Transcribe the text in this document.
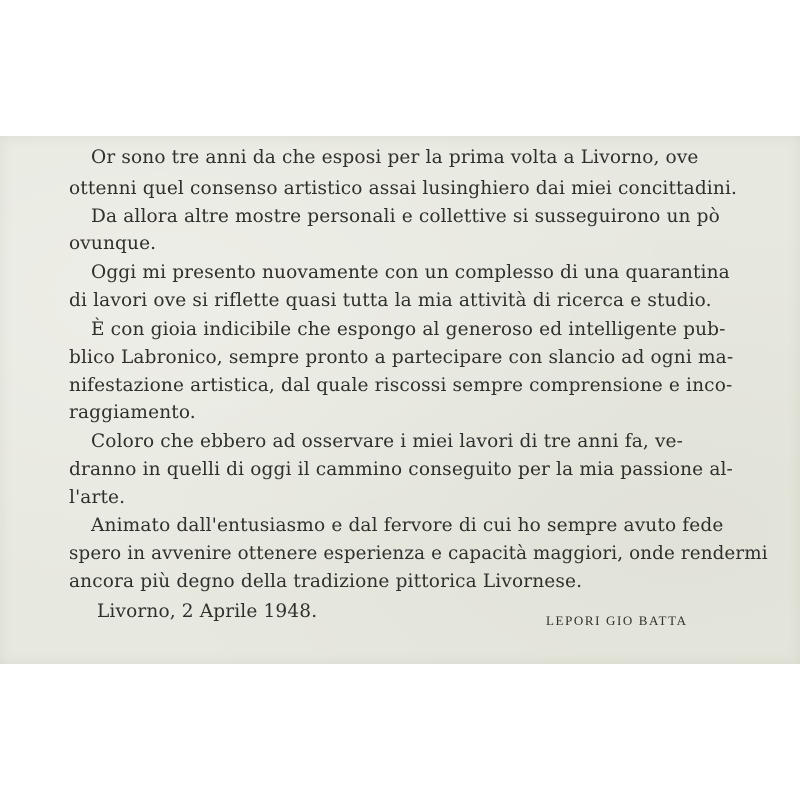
Or sono tre anni da che esposi per la prima volta a Livorno, ove
ottenni quel consenso artistico assai lusinghiero dai miei concittadini.
Da allora altre mostre personali e collettive si susseguirono un pò
ovunque.
Oggi mi presento nuovamente con un complesso di una quarantina
di lavori ove si riflette quasi tutta la mia attività di ricerca e studio.
È con gioia indicibile che espongo al generoso ed intelligente pub-
blico Labronico, sempre pronto a partecipare con slancio ad ogni ma-
nifestazione artistica, dal quale riscossi sempre comprensione e inco-
raggiamento.
Coloro che ebbero ad osservare i miei lavori di tre anni fa, ve-
dranno in quelli di oggi il cammino conseguito per la mia passione al-
l'arte.
Animato dall'entusiasmo e dal fervore di cui ho sempre avuto fede
spero in avvenire ottenere esperienza e capacità maggiori, onde rendermi
ancora più degno della tradizione pittorica Livornese.
Livorno, 2 Aprile 1948.	LEPORI GIO BATTA
